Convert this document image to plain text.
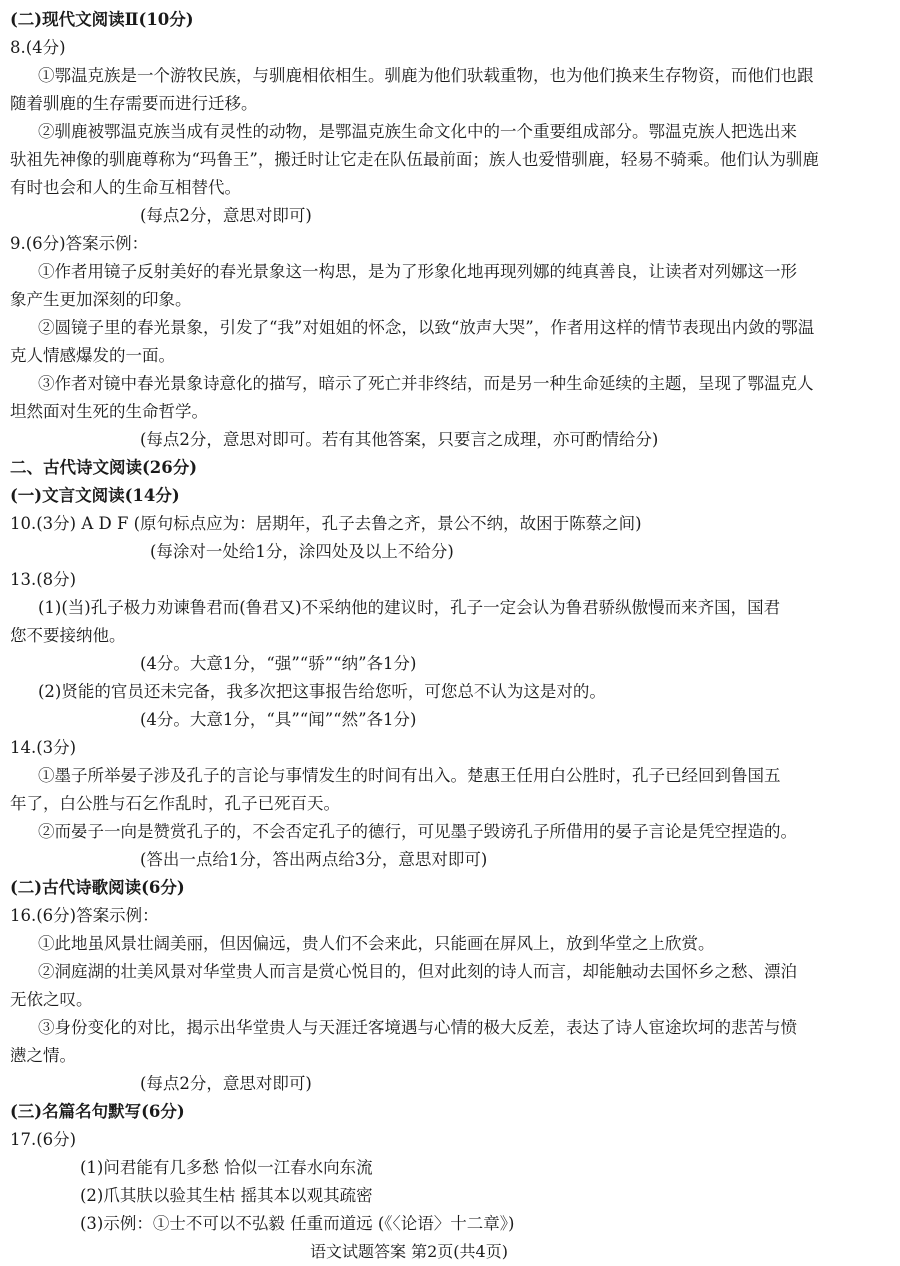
(二)现代文阅读Ⅱ(10分)
8.(4分)
①鄂温克族是一个游牧民族，与驯鹿相依相生。驯鹿为他们驮载重物，也为他们换来生存物资，而他们也跟
随着驯鹿的生存需要而进行迁移。
②驯鹿被鄂温克族当成有灵性的动物，是鄂温克族生命文化中的一个重要组成部分。鄂温克族人把选出来
驮祖先神像的驯鹿尊称为“玛鲁王”，搬迁时让它走在队伍最前面；族人也爱惜驯鹿，轻易不骑乘。他们认为驯鹿
有时也会和人的生命互相替代。
(每点2分，意思对即可)
9.(6分)答案示例：
①作者用镜子反射美好的春光景象这一构思，是为了形象化地再现列娜的纯真善良，让读者对列娜这一形
象产生更加深刻的印象。
②圆镜子里的春光景象，引发了“我”对姐姐的怀念，以致“放声大哭”，作者用这样的情节表现出内敛的鄂温
克人情感爆发的一面。
③作者对镜中春光景象诗意化的描写，暗示了死亡并非终结，而是另一种生命延续的主题，呈现了鄂温克人
坦然面对生死的生命哲学。
(每点2分，意思对即可。若有其他答案，只要言之成理，亦可酌情给分)
二、古代诗文阅读(26分)
(一)文言文阅读(14分)
10.(3分) A D F (原句标点应为：居期年，孔子去鲁之齐，景公不纳，故困于陈蔡之间)
(每涂对一处给1分，涂四处及以上不给分)
13.(8分)
(1)(当)孔子极力劝谏鲁君而(鲁君又)不采纳他的建议时，孔子一定会认为鲁君骄纵傲慢而来齐国，国君
您不要接纳他。
(4分。大意1分，“强”“骄”“纳”各1分)
(2)贤能的官员还未完备，我多次把这事报告给您听，可您总不认为这是对的。
(4分。大意1分，“具”“闻”“然”各1分)
14.(3分)
①墨子所举晏子涉及孔子的言论与事情发生的时间有出入。楚惠王任用白公胜时，孔子已经回到鲁国五
年了，白公胜与石乞作乱时，孔子已死百天。
②而晏子一向是赞赏孔子的，不会否定孔子的德行，可见墨子毁谤孔子所借用的晏子言论是凭空捏造的。
(答出一点给1分，答出两点给3分，意思对即可)
(二)古代诗歌阅读(6分)
16.(6分)答案示例：
①此地虽风景壮阔美丽，但因偏远，贵人们不会来此，只能画在屏风上，放到华堂之上欣赏。
②洞庭湖的壮美风景对华堂贵人而言是赏心悦目的，但对此刻的诗人而言，却能触动去国怀乡之愁、漂泊
无依之叹。
③身份变化的对比，揭示出华堂贵人与天涯迁客境遇与心情的极大反差，表达了诗人宦途坎坷的悲苦与愤
懑之情。
(每点2分，意思对即可)
(三)名篇名句默写(6分)
17.(6分)
(1)问君能有几多愁 恰似一江春水向东流
(2)爪其肤以验其生枯 摇其本以观其疏密
(3)示例：①士不可以不弘毅 任重而道远 (《〈论语〉十二章》)
语文试题答案 第2页(共4页)
